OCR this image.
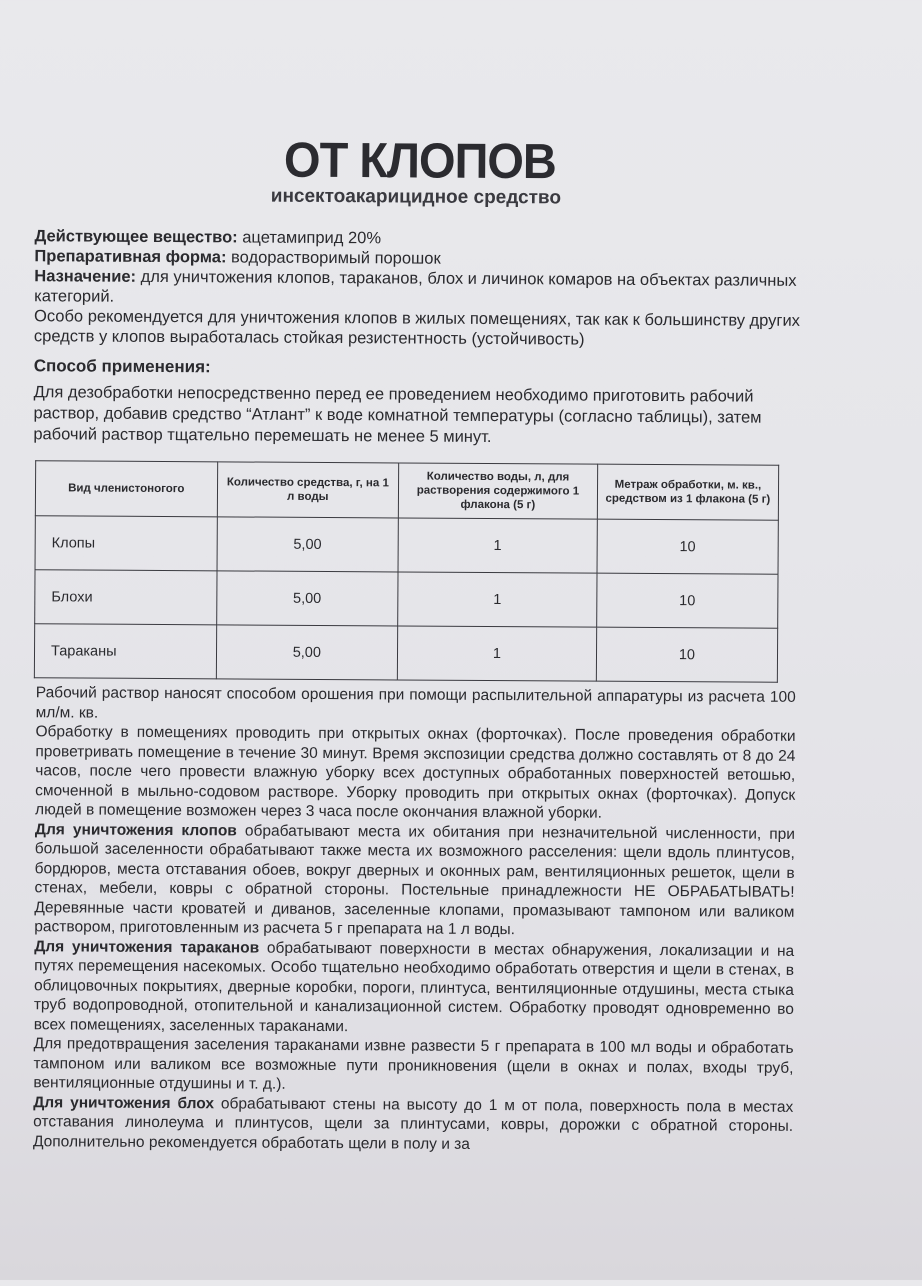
ОТ КЛОПОВ
инсектоакарицидное средство

Действующее вещество: ацетамиприд 20%

Препаративная форма: водорастворимый порошок

Назначение: для уничтожения клопов, тараканов, блох и личинок комаров на объектах различных категорий.

Особо рекомендуется для уничтожения клопов в жилых помещениях, так как к большинству других средств у клопов выработалась стойкая резистентность (устойчивость)

Способ применения:

Для дезобработки непосредственно перед ее проведением необходимо приготовить рабочий раствор, добавив средство “Атлант” к воде комнатной температуры (согласно таблицы), затем рабочий раствор тщательно перемешать не менее 5 минут.

Вид членистоногого	Количество средства, г, на 1 л воды	Количество воды, л, для растворения содержимого 1 флакона (5 г)	Метраж обработки, м. кв., средством из 1 флакона (5 г)
Клопы	5,00	1	10
Блохи	5,00	1	10
Тараканы	5,00	1	10

Рабочий раствор наносят способом орошения при помощи распылительной аппаратуры из расчета 100 мл/м. кв.

Обработку в помещениях проводить при открытых окнах (форточках). После проведения обработки проветривать помещение в течение 30 минут. Время экспозиции средства должно составлять от 8 до 24 часов, после чего провести влажную уборку всех доступных обработанных поверхностей ветошью, смоченной в мыльно-содовом растворе. Уборку проводить при открытых окнах (форточках). Допуск людей в помещение возможен через 3 часа после окончания влажной уборки.

Для уничтожения клопов обрабатывают места их обитания при незначительной численности, при большой заселенности обрабатывают также места их возможного расселения: щели вдоль плинтусов, бордюров, места отставания обоев, вокруг дверных и оконных рам, вентиляционных решеток, щели в стенах, мебели, ковры с обратной стороны. Постельные принадлежности НЕ ОБРАБАТЫВАТЬ! Деревянные части кроватей и диванов, заселенные клопами, промазывают тампоном или валиком раствором, приготовленным из расчета 5 г препарата на 1 л воды.

Для уничтожения тараканов обрабатывают поверхности в местах обнаружения, локализации и на путях перемещения насекомых. Особо тщательно необходимо обработать отверстия и щели в стенах, в облицовочных покрытиях, дверные коробки, пороги, плинтуса, вентиляционные отдушины, места стыка труб водопроводной, отопительной и канализационной систем. Обработку проводят одновременно во всех помещениях, заселенных тараканами.

Для предотвращения заселения тараканами извне развести 5 г препарата в 100 мл воды и обработать тампоном или валиком все возможные пути проникновения (щели в окнах и полах, входы труб, вентиляционные отдушины и т. д.).

Для уничтожения блох обрабатывают стены на высоту до 1 м от пола, поверхность пола в местах отставания линолеума и плинтусов, щели за плинтусами, ковры, дорожки с обратной стороны. Дополнительно рекомендуется обработать щели в полу и за
